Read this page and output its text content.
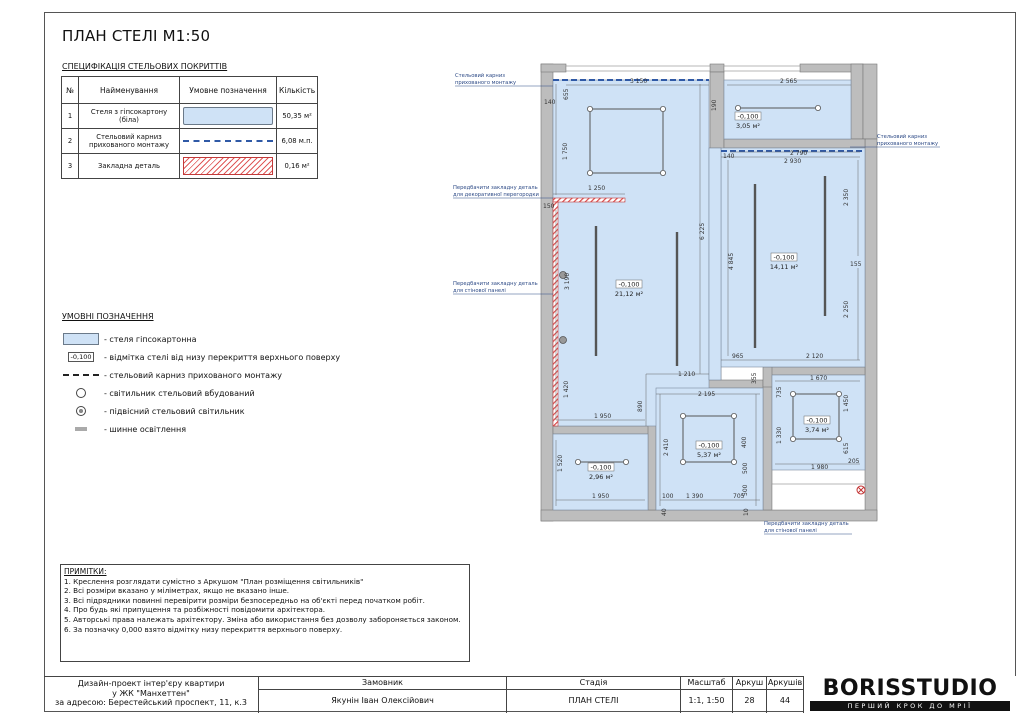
ПЛАН СТЕЛІ М1:50
СПЕЦИФІКАЦІЯ СТЕЛЬОВИХ ПОКРИТТІВ
№	Найменування	Умовне позначення	Кількість
1	Стеля з гіпсокартону (біла)		50,35 м²
2	Стельовий карниз прихованого монтажу		6,08 м.п.
3	Закладна деталь		0,16 м²
УМОВНІ ПОЗНАЧЕННЯ
- стеля гіпсокартонна
-0,100	- відмітка стелі від низу перекриття верхнього поверху
- стельовий карниз прихованого монтажу
- світильник стельовий вбудований
- підвісний стельовий світильник
- шинне освітлення
-0,100
21,12 м²
-0,100
3,05 м²
-0,100
14,11 м²
-0,100
5,37 м²
-0,100
3,74 м²
-0,100
2,96 м²
3 150	2 565
140
655
190
140	2 790
2 930
1 750
1 250
150
6 225
3 190
2 350
4 845	155
2 250
965	2 120
1 420
1 210	355	1 670
1 950
890
2 195	735
1 450
2 410	400	1 330
615
205
1 980
1 520	500
500
1 950	100 1 390	705
40	10
Стельовий карниз
прихованого монтажу
Стельовий карниз
прихованого монтажу
Передбачити закладну деталь
для декоративної перегородки
Передбачити закладну деталь
для стінової панелі
Передбачити закладну деталь
для стінової панелі
ПРИМІТКИ:

1. Креслення розглядати сумістно з Аркушом "План розміщення світильників"

2. Всі розміри вказано у міліметрах, якщо не вказано інше.

3. Всі підрядники повинні перевірити розміри безпосередньо на об'єкті перед початком робіт.

4. Про будь які припущення та розбіжності повідомити архітектора.

5. Авторські права належать архітектору. Зміна або використання без дозволу забороняється законом.

6. За позначку 0,000 взято відмітку низу перекриття верхнього поверху.

Дизайн-проект інтер'єру квартири
у ЖК "Манхеттен"
за адресою: Берестейський проспект, 11, к.3
Замовник
Якунін Іван Олексійович
Стадія
ПЛАН СТЕЛІ
Масштаб
1:1, 1:50
Аркуш
28
Аркушів
44	BORISSTUDIO
ПЕРШИЙ КРОК ДО МРІЇ
